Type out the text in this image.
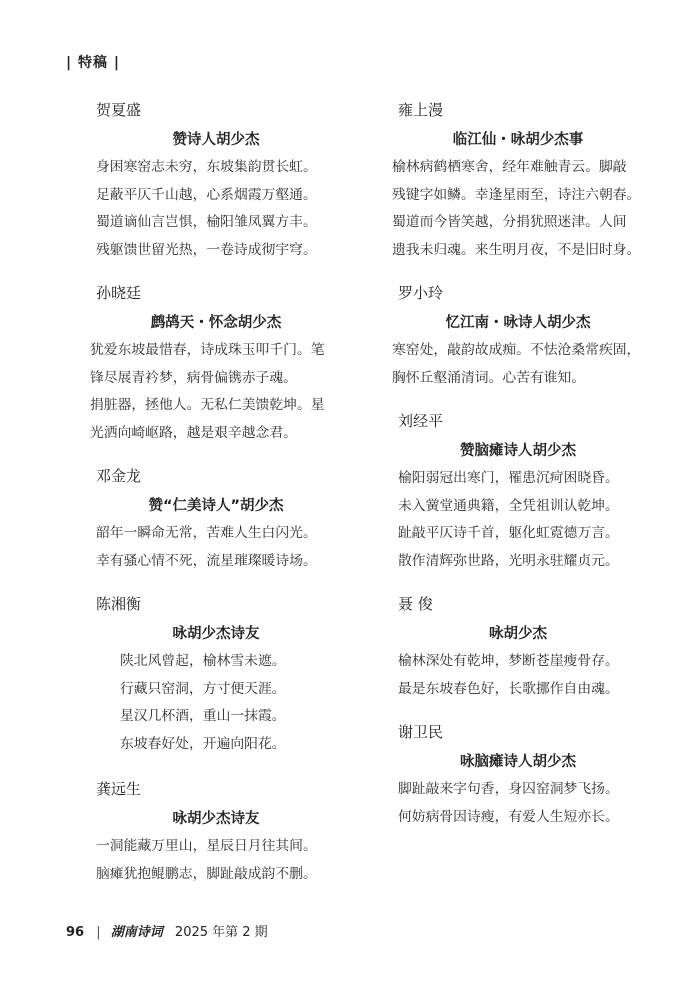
| 特稿 |
贺夏盛
赞诗人胡少杰
身困寒窑志未穷，东坡集韵贯长虹。
足蔽平仄千山越，心系烟霞万壑通。
蜀道谪仙言岂惧，榆阳雏凤翼方丰。
残躯馈世留光热，一卷诗成彻宇穹。
孙晓廷
鹧鸪天・怀念胡少杰
犹爱东坡最惜春，诗成珠玉叩千门。笔
锋尽展青衿梦，病骨偏镌赤子魂。
捐脏器，拯他人。无私仁美馈乾坤。星
光洒向崎岖路，越是艰辛越念君。
邓金龙
赞“仁美诗人”胡少杰
韶年一瞬命无常，苦难人生白闪光。
幸有骚心情不死，流星璀璨暖诗场。
陈湘衡
咏胡少杰诗友
陕北风曾起，榆林雪未遮。
行藏只窑洞，方寸便天涯。
星汉几杯酒，重山一抹霞。
东坡春好处，开遍向阳花。
龚远生
咏胡少杰诗友
一洞能藏万里山，星辰日月往其间。
脑瘫犹抱鲲鹏志，脚趾敲成韵不删。
雍上漫
临江仙・咏胡少杰事
榆林病鹤栖寒舍，经年难触青云。脚敲
残键字如鳞。幸逢星雨至，诗注六朝春。
蜀道而今皆笑越，分捐犹照迷津。人间
遗我未归魂。来生明月夜，不是旧时身。
罗小玲
忆江南・咏诗人胡少杰
寒窑处，敲韵故成痴。不怯沧桑常疾固，
胸怀丘壑涌清词。心苦有谁知。
刘经平
赞脑瘫诗人胡少杰
榆阳弱冠出寒门，罹患沉疴困晓昏。
未入黉堂通典籍，全凭祖训认乾坤。
趾敲平仄诗千首，躯化虹霓德万言。
散作清辉弥世路，光明永驻耀贞元。
聂 俊
咏胡少杰
榆林深处有乾坤，梦断苍崖瘦骨存。
最是东坡春色好，长歌挪作自由魂。
谢卫民
咏脑瘫诗人胡少杰
脚趾敲来字句香，身囚窑洞梦飞扬。
何妨病骨因诗瘦，有爱人生短亦长。
96 | 湖南诗词 2025 年第 2 期
